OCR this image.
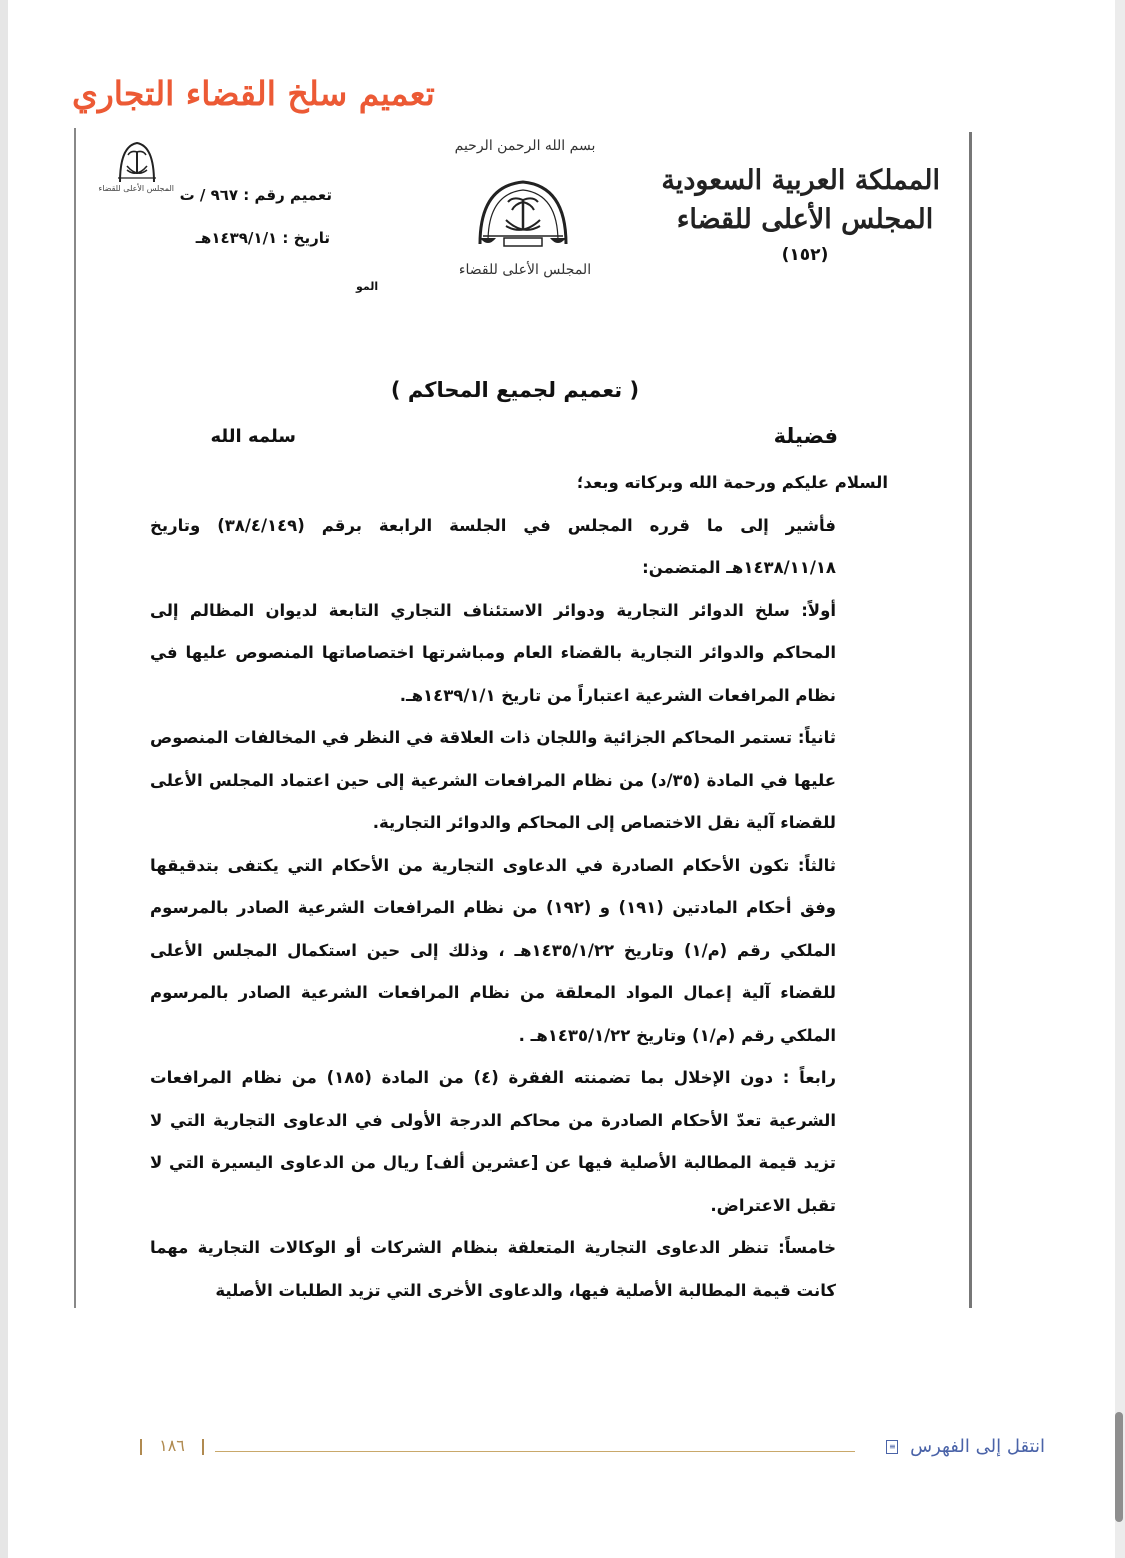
تعميم سلخ القضاء التجاري
المملكة العربية السعودية
المجلس الأعلى للقضاء
(١٥٢)
بسم الله الرحمن الرحيم
المجلس الأعلى للقضاء
المجلس الأعلى للقضاء تعميم رقم : ٩٦٧ / ت
تاريخ : ١٤٣٩/١/١هـ
المو
( تعميم لجميع المحاكم )
فضيلة
سلمه الله

السلام عليكم ورحمة الله وبركاته وبعد؛

فأشير إلى ما قرره المجلس في الجلسة الرابعة برقم (٣٨/٤/١٤٩) وتاريخ ١٤٣٨/١١/١٨هـ المتضمن:

أولاً: سلخ الدوائر التجارية ودوائر الاستئناف التجاري التابعة لديوان المظالم إلى المحاكم والدوائر التجارية بالقضاء العام ومباشرتها اختصاصاتها المنصوص عليها في نظام المرافعات الشرعية اعتباراً من تاريخ ١٤٣٩/١/١هـ.

ثانياً: تستمر المحاكم الجزائية واللجان ذات العلاقة في النظر في المخالفات المنصوص عليها في المادة (٣٥/د) من نظام المرافعات الشرعية إلى حين اعتماد المجلس الأعلى للقضاء آلية نقل الاختصاص إلى المحاكم والدوائر التجارية.

ثالثاً: تكون الأحكام الصادرة في الدعاوى التجارية من الأحكام التي يكتفى بتدقيقها وفق أحكام المادتين (١٩١) و (١٩٢) من نظام المرافعات الشرعية الصادر بالمرسوم الملكي رقم (م/١) وتاريخ ١٤٣٥/١/٢٢هـ ، وذلك إلى حين استكمال المجلس الأعلى للقضاء آلية إعمال المواد المعلقة من نظام المرافعات الشرعية الصادر بالمرسوم الملكي رقم (م/١) وتاريخ ١٤٣٥/١/٢٢هـ .

رابعاً : دون الإخلال بما تضمنته الفقرة (٤) من المادة (١٨٥) من نظام المرافعات الشرعية تعدّ الأحكام الصادرة من محاكم الدرجة الأولى في الدعاوى التجارية التي لا تزيد قيمة المطالبة الأصلية فيها عن [عشرين ألف] ريال من الدعاوى اليسيرة التي لا تقبل الاعتراض.

خامساً: تنظر الدعاوى التجارية المتعلقة بنظام الشركات أو الوكالات التجارية مهما كانت قيمة المطالبة الأصلية فيها، والدعاوى الأخرى التي تزيد الطلبات الأصلية

انتقل إلى الفهرس ≡
١٨٦
